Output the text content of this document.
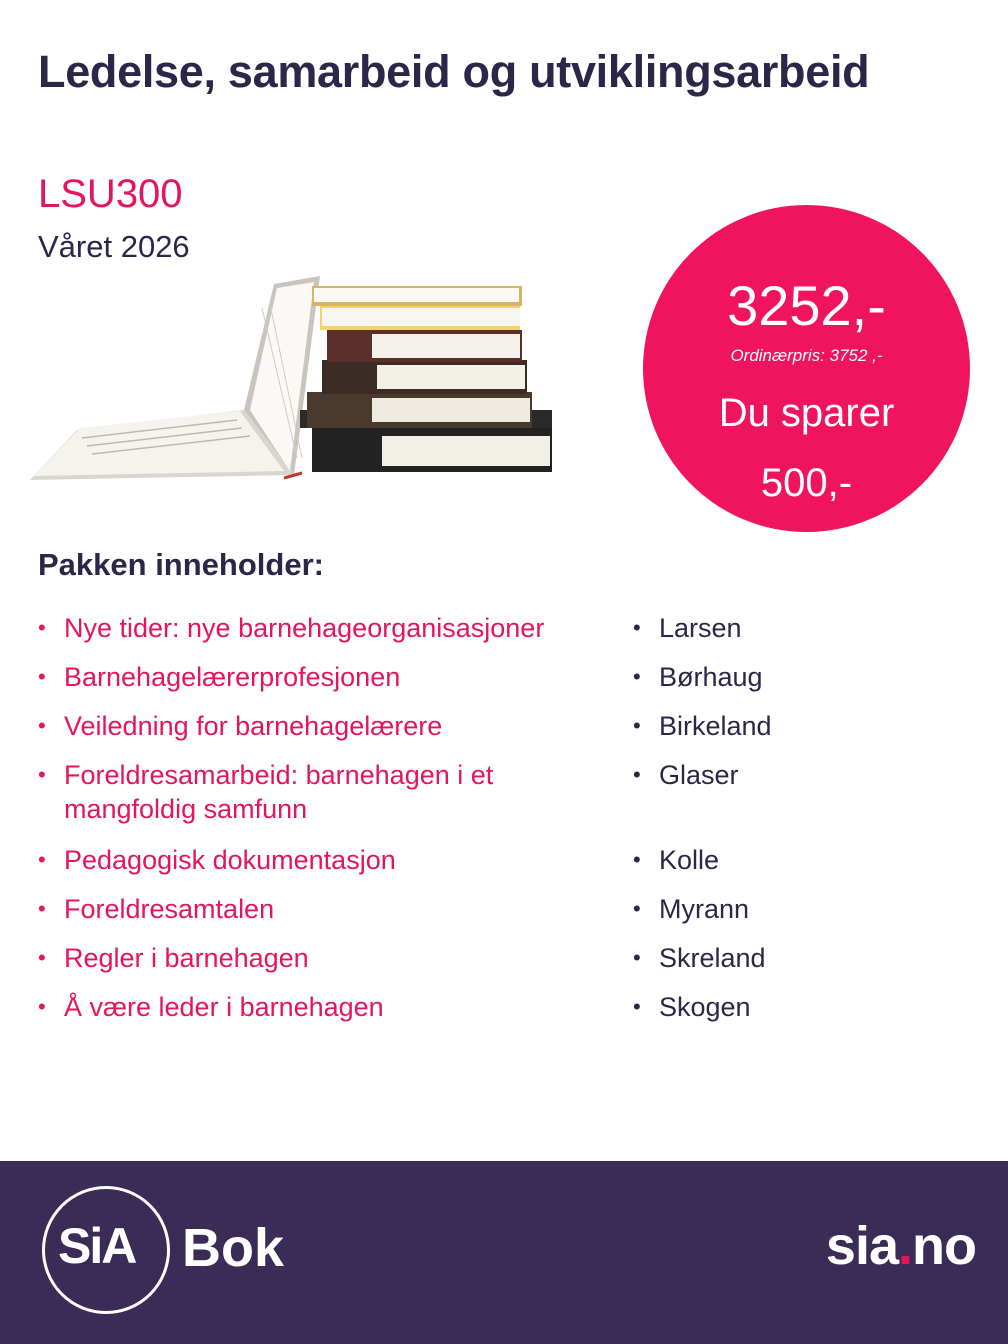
Ledelse, samarbeid og utviklingsarbeid
LSU300
Våret 2026
3252,-
Ordinærpris: 3752 ,-
Du sparer
500,-
Pakken inneholder:
• Nye tider: nye barnehageorganisasjoner
• Barnehagelærerprofesjonen
• Veiledning for barnehagelærere
• Foreldresamarbeid: barnehagen i et mangfoldig samfunn
• Pedagogisk dokumentasjon
• Foreldresamtalen
• Regler i barnehagen
• Å være leder i barnehagen
• Larsen
• Børhaug
• Birkeland
• Glaser
• Kolle
• Myrann
• Skreland
• Skogen
SiA Bok	sia.no
